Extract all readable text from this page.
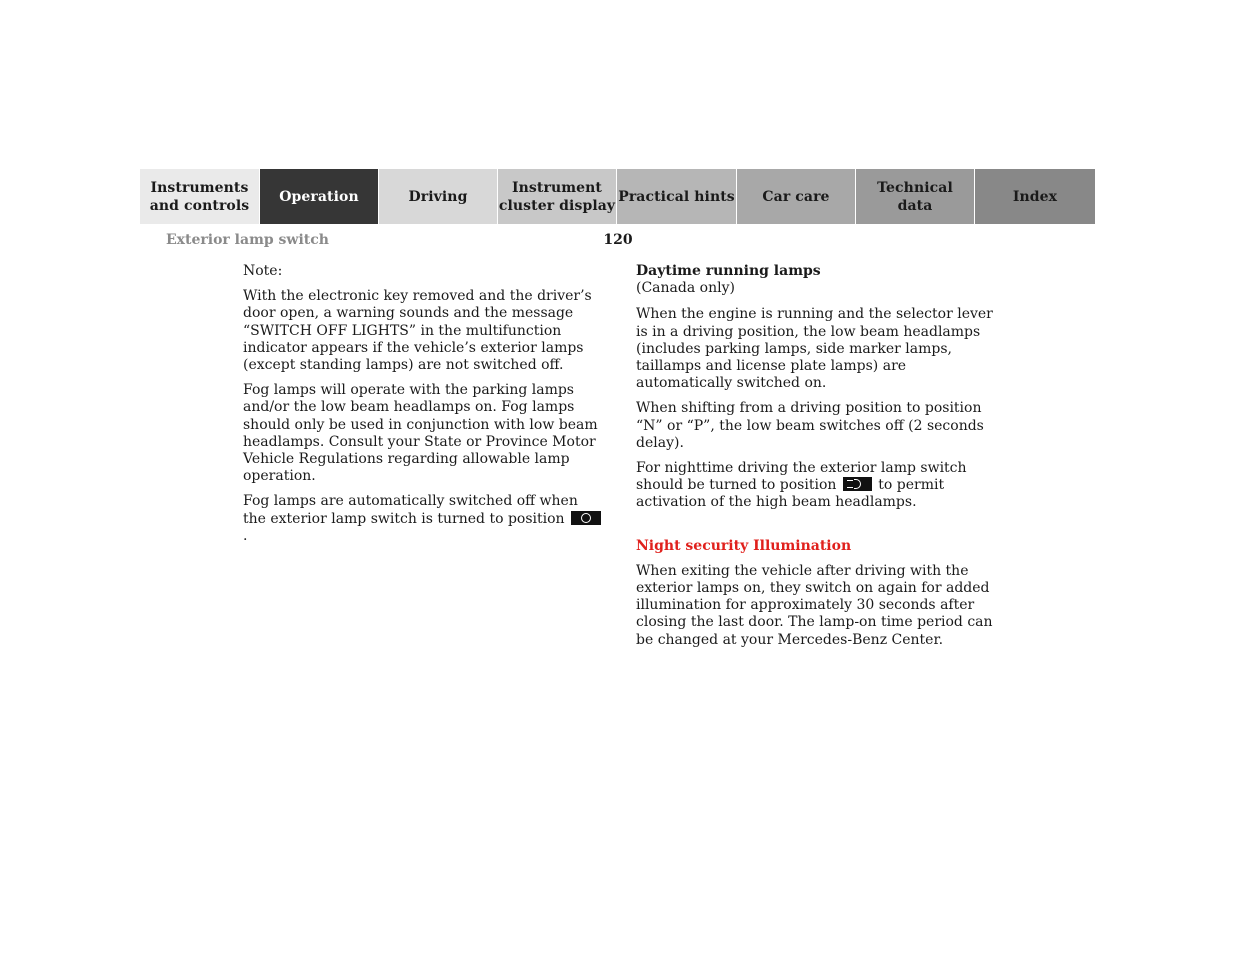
Instruments
and controls
Operation	Driving
Instrument
cluster display
Practical hints	Car care
Technical
data
Index
Exterior lamp switch	120

Note:

With the electronic key removed and the driver’s door open, a warning sounds and the message “SWITCH OFF LIGHTS” in the multifunction indicator appears if the vehicle’s exterior lamps (except standing lamps) are not switched off.

Fog lamps will operate with the parking lamps and/or the low beam headlamps on. Fog lamps should only be used in conjunction with low beam headlamps. Consult your State or Province Motor Vehicle Regulations regarding allowable lamp operation.

Fog lamps are automatically switched off when the exterior lamp switch is turned to position .

Daytime running lamps
(Canada only)

When the engine is running and the selector lever is in a driving position, the low beam headlamps (includes parking lamps, side marker lamps, taillamps and license plate lamps) are automatically switched on.

When shifting from a driving position to position “N” or “P”, the low beam switches off (2 seconds delay).

For nighttime driving the exterior lamp switch should be turned to position	to permit activation of the high beam headlamps.

Night security Illumination

When exiting the vehicle after driving with the exterior lamps on, they switch on again for added illumination for approximately 30 seconds after closing the last door. The lamp-on time period can be changed at your Mercedes-Benz Center.
